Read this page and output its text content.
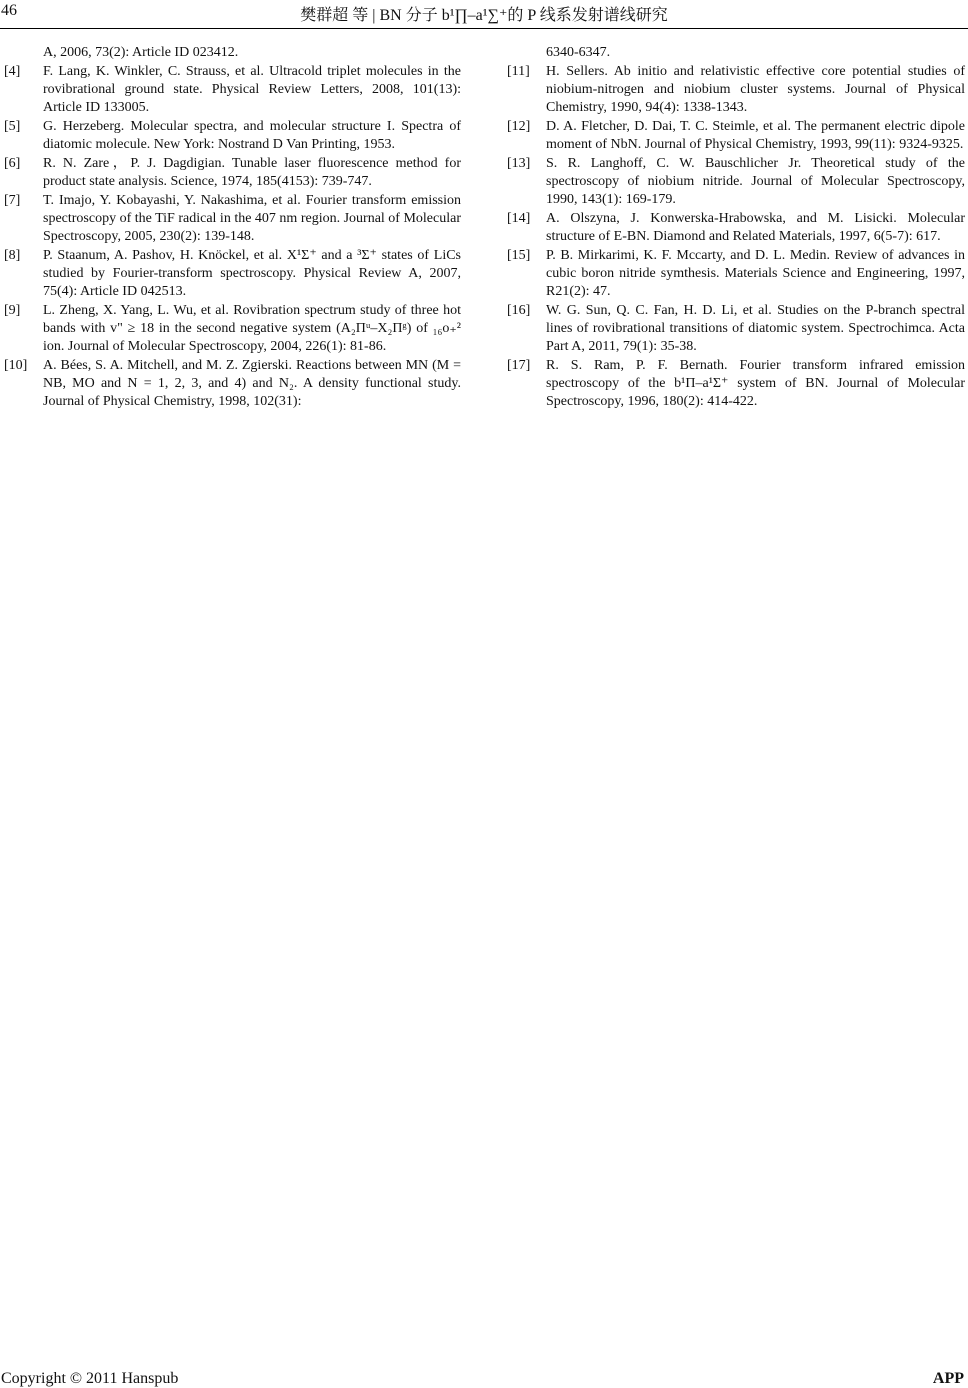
46	樊群超 等 | BN 分子 b¹∏–a¹∑⁺的 P 线系发射谱线研究
A, 2006, 73(2): Article ID 023412.
[4] F. Lang, K. Winkler, C. Strauss, et al. Ultracold triplet molecules in the rovibrational ground state. Physical Review Letters, 2008, 101(13): Article ID 133005.
[5] G. Herzeberg. Molecular spectra, and molecular structure I. Spectra of diatomic molecule. New York: Nostrand D Van Printing, 1953.
[6] R. N. Zare，P. J. Dagdigian. Tunable laser fluorescence method for product state analysis. Science, 1974, 185(4153): 739-747.
[7] T. Imajo, Y. Kobayashi, Y. Nakashima, et al. Fourier transform emission spectroscopy of the TiF radical in the 407 nm region. Journal of Molecular Spectroscopy, 2005, 230(2): 139-148.
[8] P. Staanum, A. Pashov, H. Knöckel, et al. X¹Σ⁺ and a ³Σ⁺ states of LiCs studied by Fourier-transform spectroscopy. Physical Review A, 2007, 75(4): Article ID 042513.
[9] L. Zheng, X. Yang, L. Wu, et al. Rovibration spectrum study of three hot bands with v" ≥ 18 in the second negative system (A₂Πᵘ–X₂Πᵍ) of ₁₆o₊² ion. Journal of Molecular Spectroscopy, 2004, 226(1): 81-86.
[10] A. Bées, S. A. Mitchell, and M. Z. Zgierski. Reactions between MN (M = NB, MO and N = 1, 2, 3, and 4) and N₂. A density functional study. Journal of Physical Chemistry, 1998, 102(31):
6340-6347.
[11] H. Sellers. Ab initio and relativistic effective core potential studies of niobium-nitrogen and niobium cluster systems. Journal of Physical Chemistry, 1990, 94(4): 1338-1343.
[12] D. A. Fletcher, D. Dai, T. C. Steimle, et al. The permanent electric dipole moment of NbN. Journal of Physical Chemistry, 1993, 99(11): 9324-9325.
[13] S. R. Langhoff, C. W. Bauschlicher Jr. Theoretical study of the spectroscopy of niobium nitride. Journal of Molecular Spectroscopy, 1990, 143(1): 169-179.
[14] A. Olszyna, J. Konwerska-Hrabowska, and M. Lisicki. Molecular structure of E-BN. Diamond and Related Materials, 1997, 6(5-7): 617.
[15] P. B. Mirkarimi, K. F. Mccarty, and D. L. Medin. Review of advances in cubic boron nitride symthesis. Materials Science and Engineering, 1997, R21(2): 47.
[16] W. G. Sun, Q. C. Fan, H. D. Li, et al. Studies on the P-branch spectral lines of rovibrational transitions of diatomic system. Spectrochimca. Acta Part A, 2011, 79(1): 35-38.
[17] R. S. Ram, P. F. Bernath. Fourier transform infrared emission spectroscopy of the b¹Π–a¹Σ⁺ system of BN. Journal of Molecular Spectroscopy, 1996, 180(2): 414-422.
Copyright © 2011 Hanspub	APP
